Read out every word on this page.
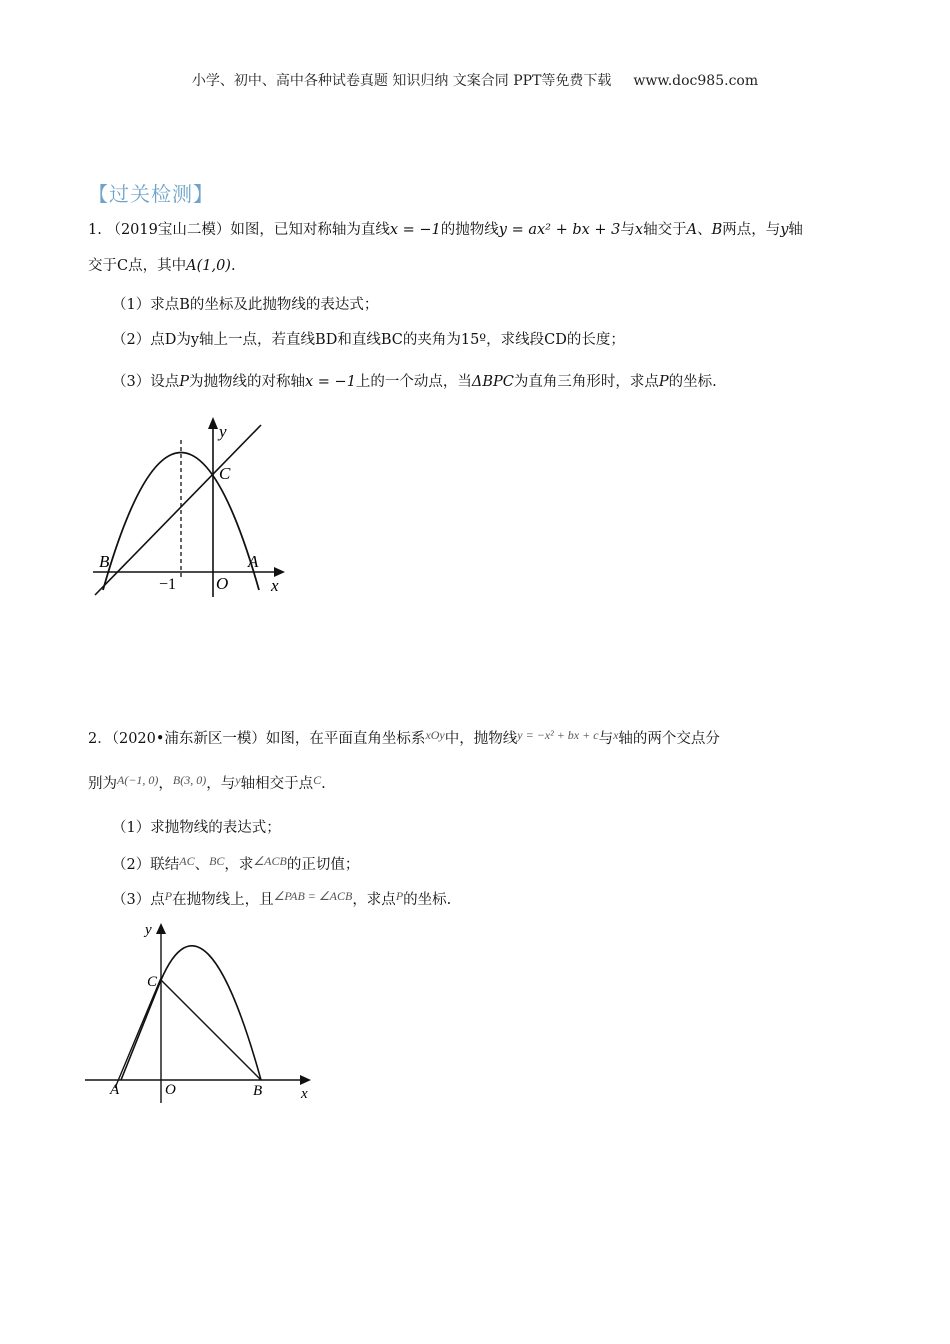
小学、初中、高中各种试卷真题 知识归纳 文案合同 PPT等免费下载 www.doc985.com
【过关检测】
1. （2019宝山二模）如图，已知对称轴为直线x = −1的抛物线y = ax² + bx + 3与x轴交于A、B两点，与y轴
交于C点，其中A(1,0).
（1）求点B的坐标及此抛物线的表达式；
（2）点D为y轴上一点，若直线BD和直线BC的夹角为15º，求线段CD的长度；
（3）设点P为抛物线的对称轴x = −1上的一个动点，当ΔBPC为直角三角形时，求点P的坐标.
y
C
B	A
−1 O	x
2．（2020•浦东新区一模）如图，在平面直角坐标系$^{xOy}$中，抛物线$^{y = -x^2 + bx + c}$与$^x$轴的两个交点分
别为$^{A(-1, 0)}$，$^{B(3, 0)}$，与$^y$轴相交于点$^C$.
（1）求抛物线的表达式；
（2）联结$^{AC}$、$^{BC}$，求$^{\angle ACB}$的正切值；
（3）点$^P$在抛物线上，且$^{\angle PAB = \angle ACB}$，求点$^P$的坐标.
y
C
A	O	B	x
